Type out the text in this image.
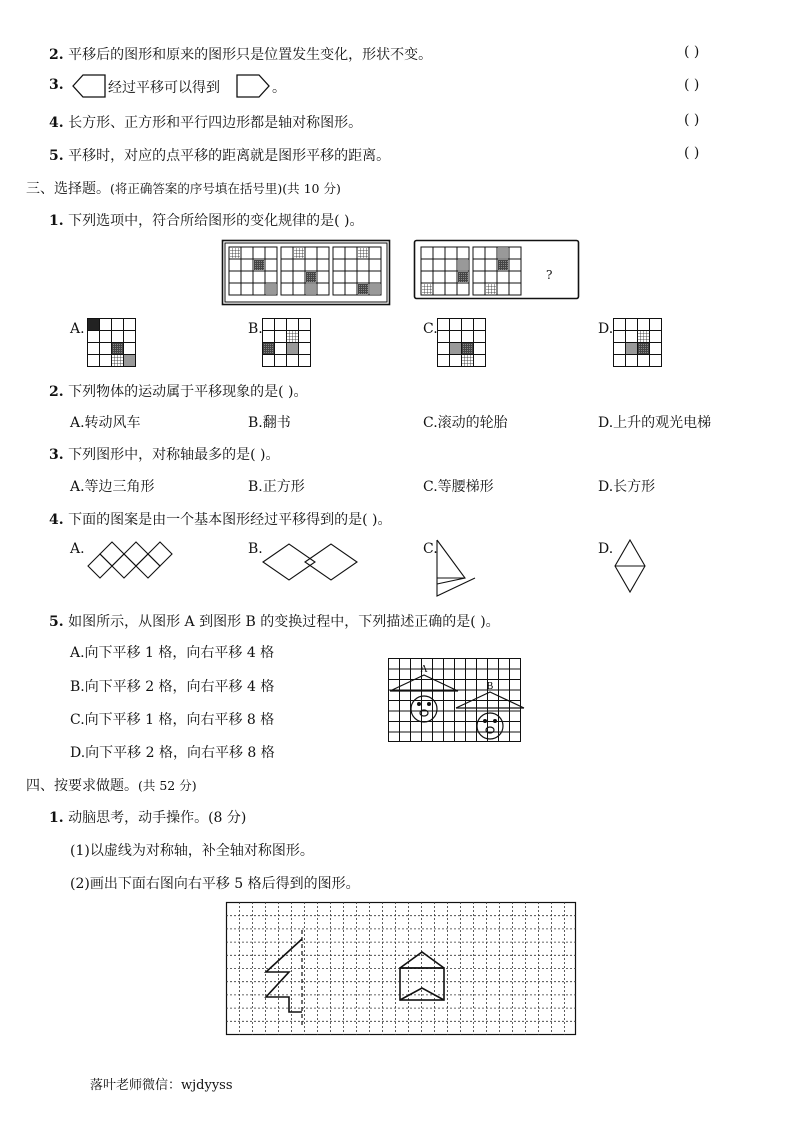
2. 平移后的图形和原来的图形只是位置发生变化，形状不变。	( )
3.	经过平移可以得到	。	( )
4. 长方形、正方形和平行四边形都是轴对称图形。	( )
5. 平移时，对应的点平移的距离就是图形平移的距离。	( )
三、选择题。(将正确答案的序号填在括号里)(共 10 分)
1. 下列选项中，符合所给图形的变化规律的是( )。
?
A.	B.	C.	D.
2. 下列物体的运动属于平移现象的是( )。
A.转动风车	B.翻书	C.滚动的轮胎	D.上升的观光电梯
3. 下列图形中，对称轴最多的是( )。
A.等边三角形	B.正方形	C.等腰梯形	D.长方形
4. 下面的图案是由一个基本图形经过平移得到的是( )。
A.	B.	C.	D.
5. 如图所示，从图形 A 到图形 B 的变换过程中，下列描述正确的是( )。
A.向下平移 1 格，向右平移 4 格
B.向下平移 2 格，向右平移 4 格
C.向下平移 1 格，向右平移 8 格
D.向下平移 2 格，向右平移 8 格
A
B
四、按要求做题。(共 52 分)
1. 动脑思考，动手操作。(8 分)
(1)以虚线为对称轴，补全轴对称图形。
(2)画出下面右图向右平移 5 格后得到的图形。
落叶老师微信：wjdyyss
